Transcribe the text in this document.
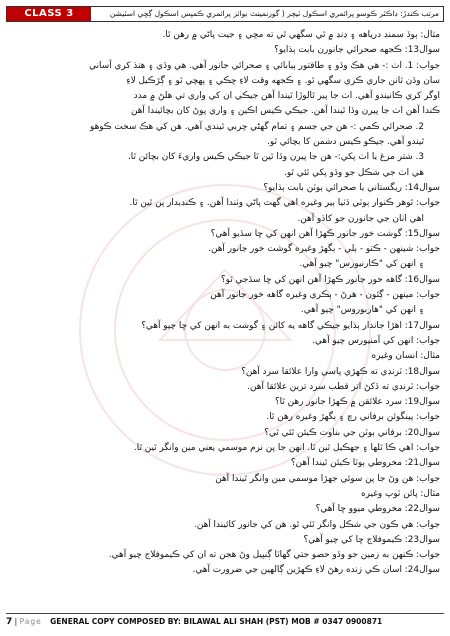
CLASS 3	مرتب ڪندڙ: ڊاڪٽر ڪوسو پرائمري اسڪول ٽيچر ( گورنمينٽ بوائز پرائمري ڪمپس اسڪول ڳڇي اسٽيشن
مثال: ٻوڏ سمنڊ درياهه ۽ ڍنڍ ۾ ٿي سگهي ٿي ته مڇي ۽ جيت پاڻي ۾ رهن ٿا.
سوال13: ڪجهه صحرائي جانورن بابت ٻڌايو؟
جواب: 1. اٺ :- هي هڪ وڏو ۽ طاقتور ٻيابائي ۽ صحرائي جانور آهي. هي وڏي ۽ هنڌ کري آساني
سان وڏن ثانن جاري ڪري سگهي ٿو. ۽ ڪجهه وقت لاءِ ڇڪي ۽ پهچي ٿو ۽ ڳڙڪيل لاءِ
اوگر کري ڪانيندو آهي. اٺ جا پير ٿالوڙا ٿيندا آهن جيڪي ان کي واري تي هلڻ ۾ مدد
ڪندا آهن اٺ جا پيرن وڏا ٿيندا آهن. جيڪي ڪيس اڪين ۽ واري پوڻ کان بچائيندا آهن
2. صحرائي ڪمي :- هن جي جسم ۽ تمام گهڻي چربي ٿيندي آهي. هن کي هڪ سخت ڪوهو
ٿيندو آهي. جيڪو ڪيس دشمن کا بچائي ٿو.
3. شتر مرغ يا اٺ پکي:- هن جا پيرن وڏا ٿين ٿا جيڪي ڪيس واريءَ کان بچائن ٿا.
هي اٺ جي شڪل جو وڏو پکي ٿئي ٿو.
سوال14: ريگستاني يا صحرائي ٻوٽن بابت ٻڌايو؟
جواب: ٿوهر ڪنوار ٻوٽي ڏٺيا ٻير وغيره اهي گهٽ پاڻي وٺندا آهن. ۽ ڪنڊيدار پن ٿين ٿا.
اهي اٺان جي جانورن جو کاڌو آهن.
سوال15: گوشت خور جانور ڪهڙا آهن انهن کي ڇا سڏيو آهي؟
جواب: شينهن - ڪتو - ٻلي - ٻگهڙ وغيره گوشت خور جانور آهن.
۽ انهن کي "ڪارنيورس" چيو آهي.
سوال16: گاهه خور جانور ڪهڙا آهن انهن کي ڇا سڏجي ٿو؟
جواب: مينهن - ڳئون - هرڻ - ٻڪري وغيره گاهه خور جانور آهن
۽ انهن کي "هاربوروس" چيو آهي.
سوال17: اهڙا جاندار ٻڌايو جيڪي گاهه يه کائن ۽ گوشت به انهن کي ڇا چيو آهي؟
جواب: انهن کي آمنيورس چيو آهي.
مثال: انسان وغيره
سوال18: ٽرنڊي ته ڪهڙي پاسي وارا علائقا سرد آهن؟
جواب: ٽرنڊي ته ڏکڻ اتر قطب سرد ترين علائقا آهن.
سوال19: سرد علائقن ۾ ڪهڙا جانور رهن ٿا؟
جواب: پينگوئن برفاني رڇ ۽ ٻگهڙ وغيره رهن ٿا.
سوال20: برفاني ٻوٽن جي بناوت ڪيئن ٿئي ٿي؟
جواب: اهي ڪا ٿلها ۽ جهڪيل ٿين ٿا. انهن جا پن نرم موسمي يعني مين وانگر ٿين ٿا.
سوال21: مخروطي ٻوٽا ڪيئن ٿيندا آهن؟
جواب: هن وڻ جا پن سوئي جهڙا موسمي مين وانگر ٿيندا آهن
مثال: پائن ٽوپ وغيره
سوال22: مخروطي ميوو ڇا آهي؟
جواب: هي ڪون جي شڪل وانگر ٿئي ٿو. هن کي جانور کائيندا آهن.
سوال23: ڪيموفلاج ڇا کي چيو آهي؟
جواب: ڪنهن به زمين جو وڏو حصو جتي گهاٽا ڳنڀيل وڻ هجن ته ان کي ڪيموفلاج چيو آهي.
سوال24: اسان ڪي زنده رهڻ لاءِ ڪهڙين ڳالهين جي ضرورت آهي.
7 | Page GENERAL COPY COMPOSED BY: BILAWAL ALI SHAH (PST) MOB # 0347 0900871
